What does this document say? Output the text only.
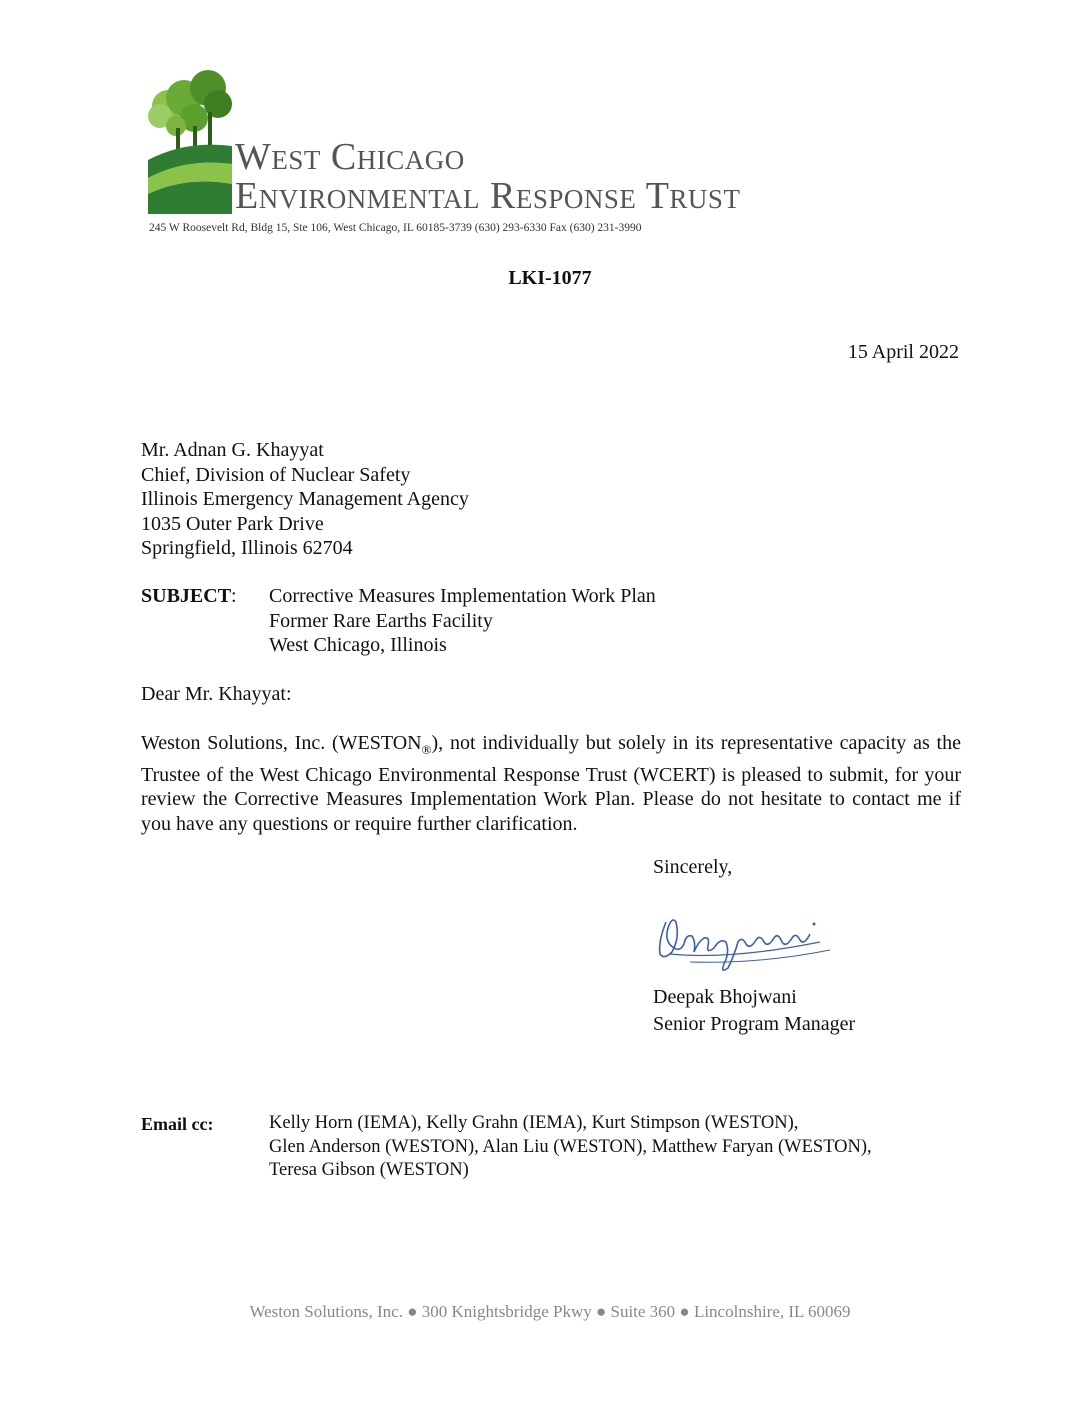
West Chicago
Environmental Response Trust
245 W Roosevelt Rd, Bldg 15, Ste 106, West Chicago, IL 60185-3739 (630) 293-6330 Fax (630) 231-3990
LKI-1077
15 April 2022
Mr. Adnan G. Khayyat
Chief, Division of Nuclear Safety
Illinois Emergency Management Agency
1035 Outer Park Drive
Springfield, Illinois 62704
SUBJECT: Corrective Measures Implementation Work Plan
Former Rare Earths Facility
West Chicago, Illinois
Dear Mr. Khayyat:
Weston Solutions, Inc. $(WESTON_®)$, not individually but solely in its representative capacity as the Trustee of the West Chicago Environmental Response Trust (WCERT) is pleased to submit, for your review the Corrective Measures Implementation Work Plan. Please do not hesitate to contact me if you have any questions or require further clarification.
Sincerely,
Deepak Bhojwani
Senior Program Manager
Email cc:	Kelly Horn (IEMA), Kelly Grahn (IEMA), Kurt Stimpson (WESTON),
Glen Anderson (WESTON), Alan Liu (WESTON), Matthew Faryan (WESTON),
Teresa Gibson (WESTON)
Weston Solutions, Inc. ● 300 Knightsbridge Pkwy ● Suite 360 ● Lincolnshire, IL 60069
